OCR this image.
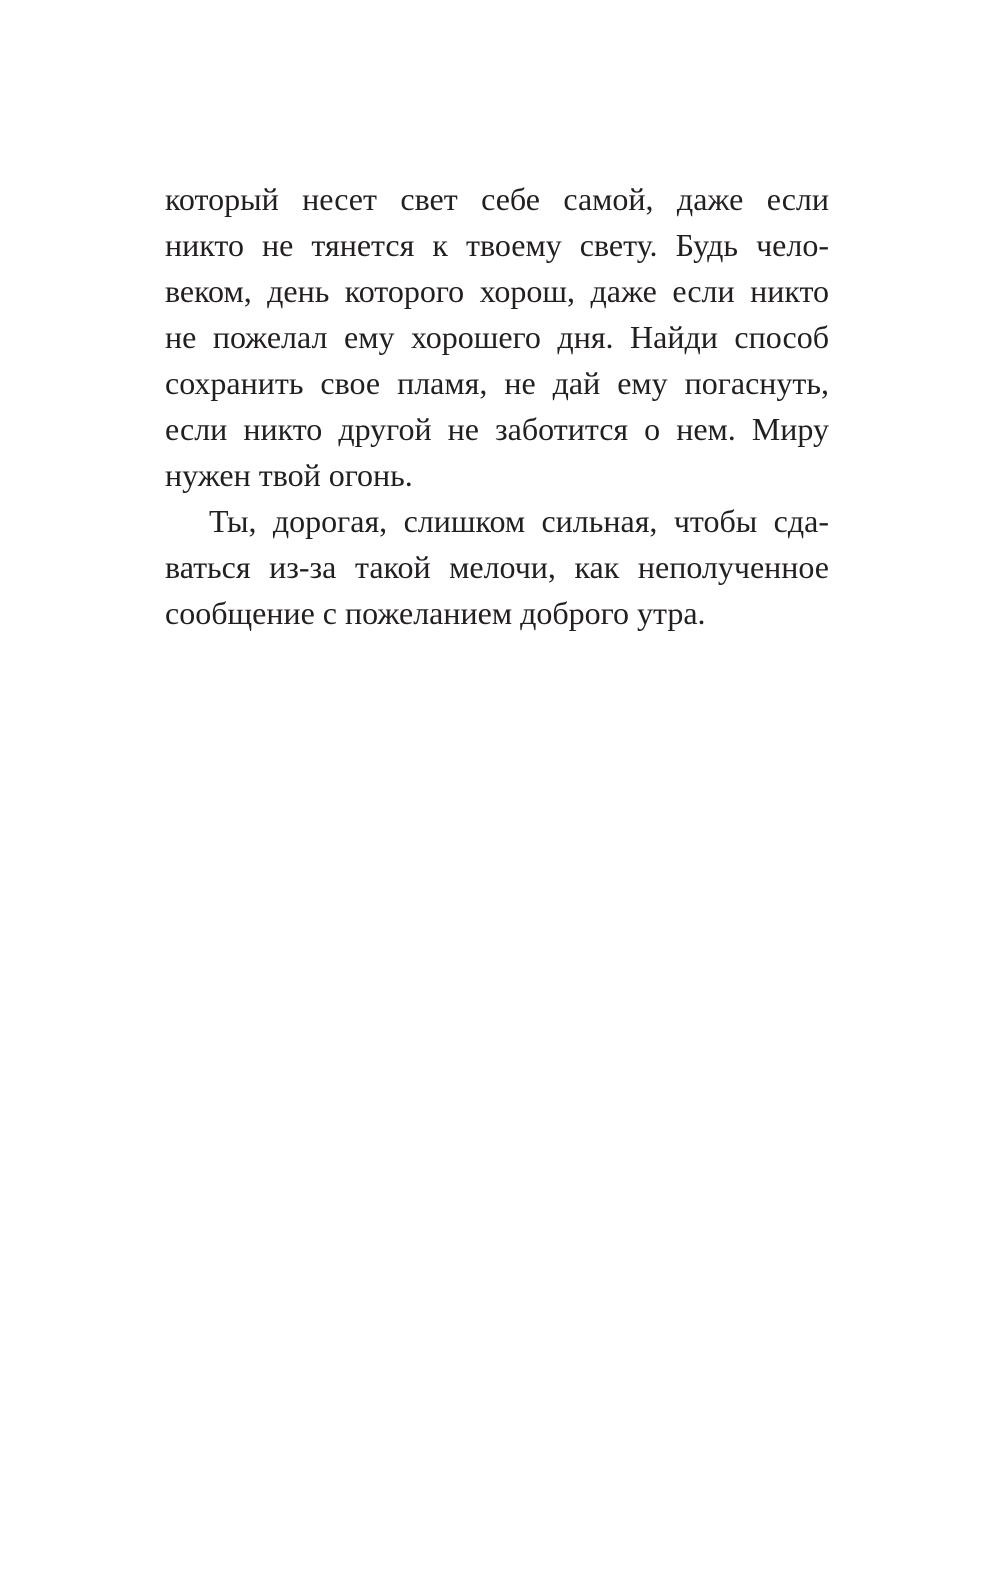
который несет свет себе самой, даже если
никто не тянется к твоему свету. Будь чело-
веком, день которого хорош, даже если никто
не пожелал ему хорошего дня. Найди способ
сохранить свое пламя, не дай ему погаснуть,
если никто другой не заботится о нем. Миру
нужен твой огонь.
Ты, дорогая, слишком сильная, чтобы сда-
ваться из-за такой мелочи, как неполученное
сообщение с пожеланием доброго утра.
